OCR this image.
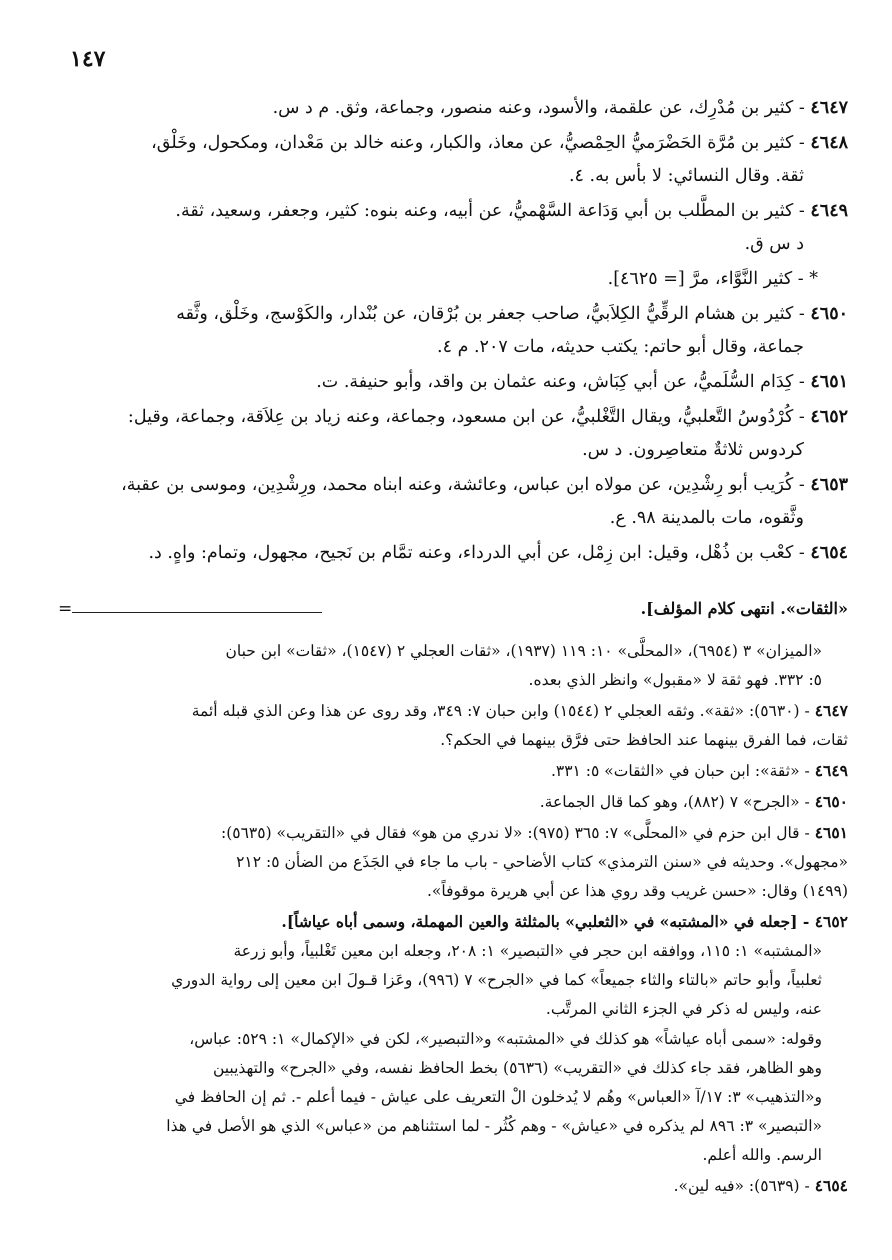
١٤٧
٤٦٤٧ - كثير بن مُدْرِك، عن علقمة، والأسود، وعنه منصور، وجماعة، وثق. م د س.
٤٦٤٨ - كثير بن مُرَّة الحَضْرَميُّ الحِمْصيُّ، عن معاذ، والكبار، وعنه خالد بن مَعْدان، ومكحول، وخَلْق،
ثقة. وقال النسائي: لا بأس به. ٤.
٤٦٤٩ - كثير بن المطَّلب بن أبي وَدَاعة السَّهْميُّ، عن أبيه، وعنه بنوه: كثير، وجعفر، وسعيد، ثقة.
د س ق.
* - كثير النَّوَّاء، مرَّ [= ٤٦٢٥].
٤٦٥٠ - كثير بن هشام الرقِّيُّ الكِلاَبيُّ، صاحب جعفر بن بُرْقان، عن بُنْدار، والكَوْسج، وخَلْق، وثَّقه
جماعة، وقال أبو حاتم: يكتب حديثه، مات ٢٠٧. م ٤.
٤٦٥١ - كِدَام السُّلَميُّ، عن أبي كِبَاش، وعنه عثمان بن واقد، وأبو حنيفة. ت.
٤٦٥٢ - كُرْدُوسُ التَّعلبيُّ، ويقال التَّغْلبيُّ، عن ابن مسعود، وجماعة، وعنه زياد بن عِلاَقة، وجماعة، وقيل:
كردوس ثلاثةٌ متعاصِرون. د س.
٤٦٥٣ - كُرَيب أبو رِشْدِين، عن مولاه ابن عباس، وعائشة، وعنه ابناه محمد، ورِشْدِين، وموسى بن عقبة،
وثَّقوه، مات بالمدينة ٩٨. ع.
٤٦٥٤ - كعْب بن ذُهْل، وقيل: ابن زِمْل، عن أبي الدرداء، وعنه تمَّام بن نَجيح، مجهول، وتمام: واهٍ. د.
«الثقات». انتهى كلام المؤلف].
=
«الميزان» ٣ (٦٩٥٤)، «المحلَّى» ١٠: ١١٩ (١٩٣٧)، «ثقات العجلي ٢ (١٥٤٧)، «ثقات» ابن حبان
٥: ٣٣٢. فهو ثقة لا «مقبول» وانظر الذي بعده.
٤٦٤٧ - (٥٦٣٠): «ثقة». وثقه العجلي ٢ (١٥٤٤) وابن حبان ٧: ٣٤٩، وقد روى عن هذا وعن الذي قبله أئمة
ثقات، فما الفرق بينهما عند الحافظ حتى فرَّق بينهما في الحكم؟.
٤٦٤٩ - «ثقة»: ابن حبان في «الثقات» ٥: ٣٣١.
٤٦٥٠ - «الجرح» ٧ (٨٨٢)، وهو كما قال الجماعة.
٤٦٥١ - قال ابن حزم في «المحلَّى» ٧: ٣٦٥ (٩٧٥): «لا ندري من هو» فقال في «التقريب» (٥٦٣٥):
«مجهول». وحديثه في «سنن الترمذي» كتاب الأضاحي - باب ما جاء في الجَذَع من الضأن ٥: ٢١٢
(١٤٩٩) وقال: «حسن غريب وقد روي هذا عن أبي هريرة موقوفاً».
٤٦٥٢ - [جعله في «المشتبه» في «الثعلبي» بالمثلثة والعين المهملة، وسمى أباه عياشاً].
«المشتبه» ١: ١١٥، ووافقه ابن حجر في «التبصير» ١: ٢٠٨، وجعله ابن معين تَغْلبياً، وأبو زرعة
ثعلبياً، وأبو حاتم «بالتاء والثاء جميعاً» كما في «الجرح» ٧ (٩٩٦)، وعَزا قـولَ ابن معين إلى رواية الدوري
عنه، وليس له ذكر في الجزء الثاني المرتَّب.
وقوله: «سمى أباه عياشاً» هو كذلك في «المشتبه» و«التبصير»، لكن في «الإكمال» ١: ٥٢٩: عباس،
وهو الظاهر، فقد جاء كذلك في «التقريب» (٥٦٣٦) بخط الحافظ نفسه، وفي «الجرح» والتهذيبين
و«التذهيب» ٣: ١٧/آ «العباس» وهُم لا يُدخلون الْ التعريف على عياش - فيما أعلم -. ثم إن الحافظ في
«التبصير» ٣: ٨٩٦ لم يذكره في «عياش» - وهم كُثُر - لما استثناهم من «عباس» الذي هو الأصل في هذا
الرسم. والله أعلم.
٤٦٥٤ - (٥٦٣٩): «فيه لين».
